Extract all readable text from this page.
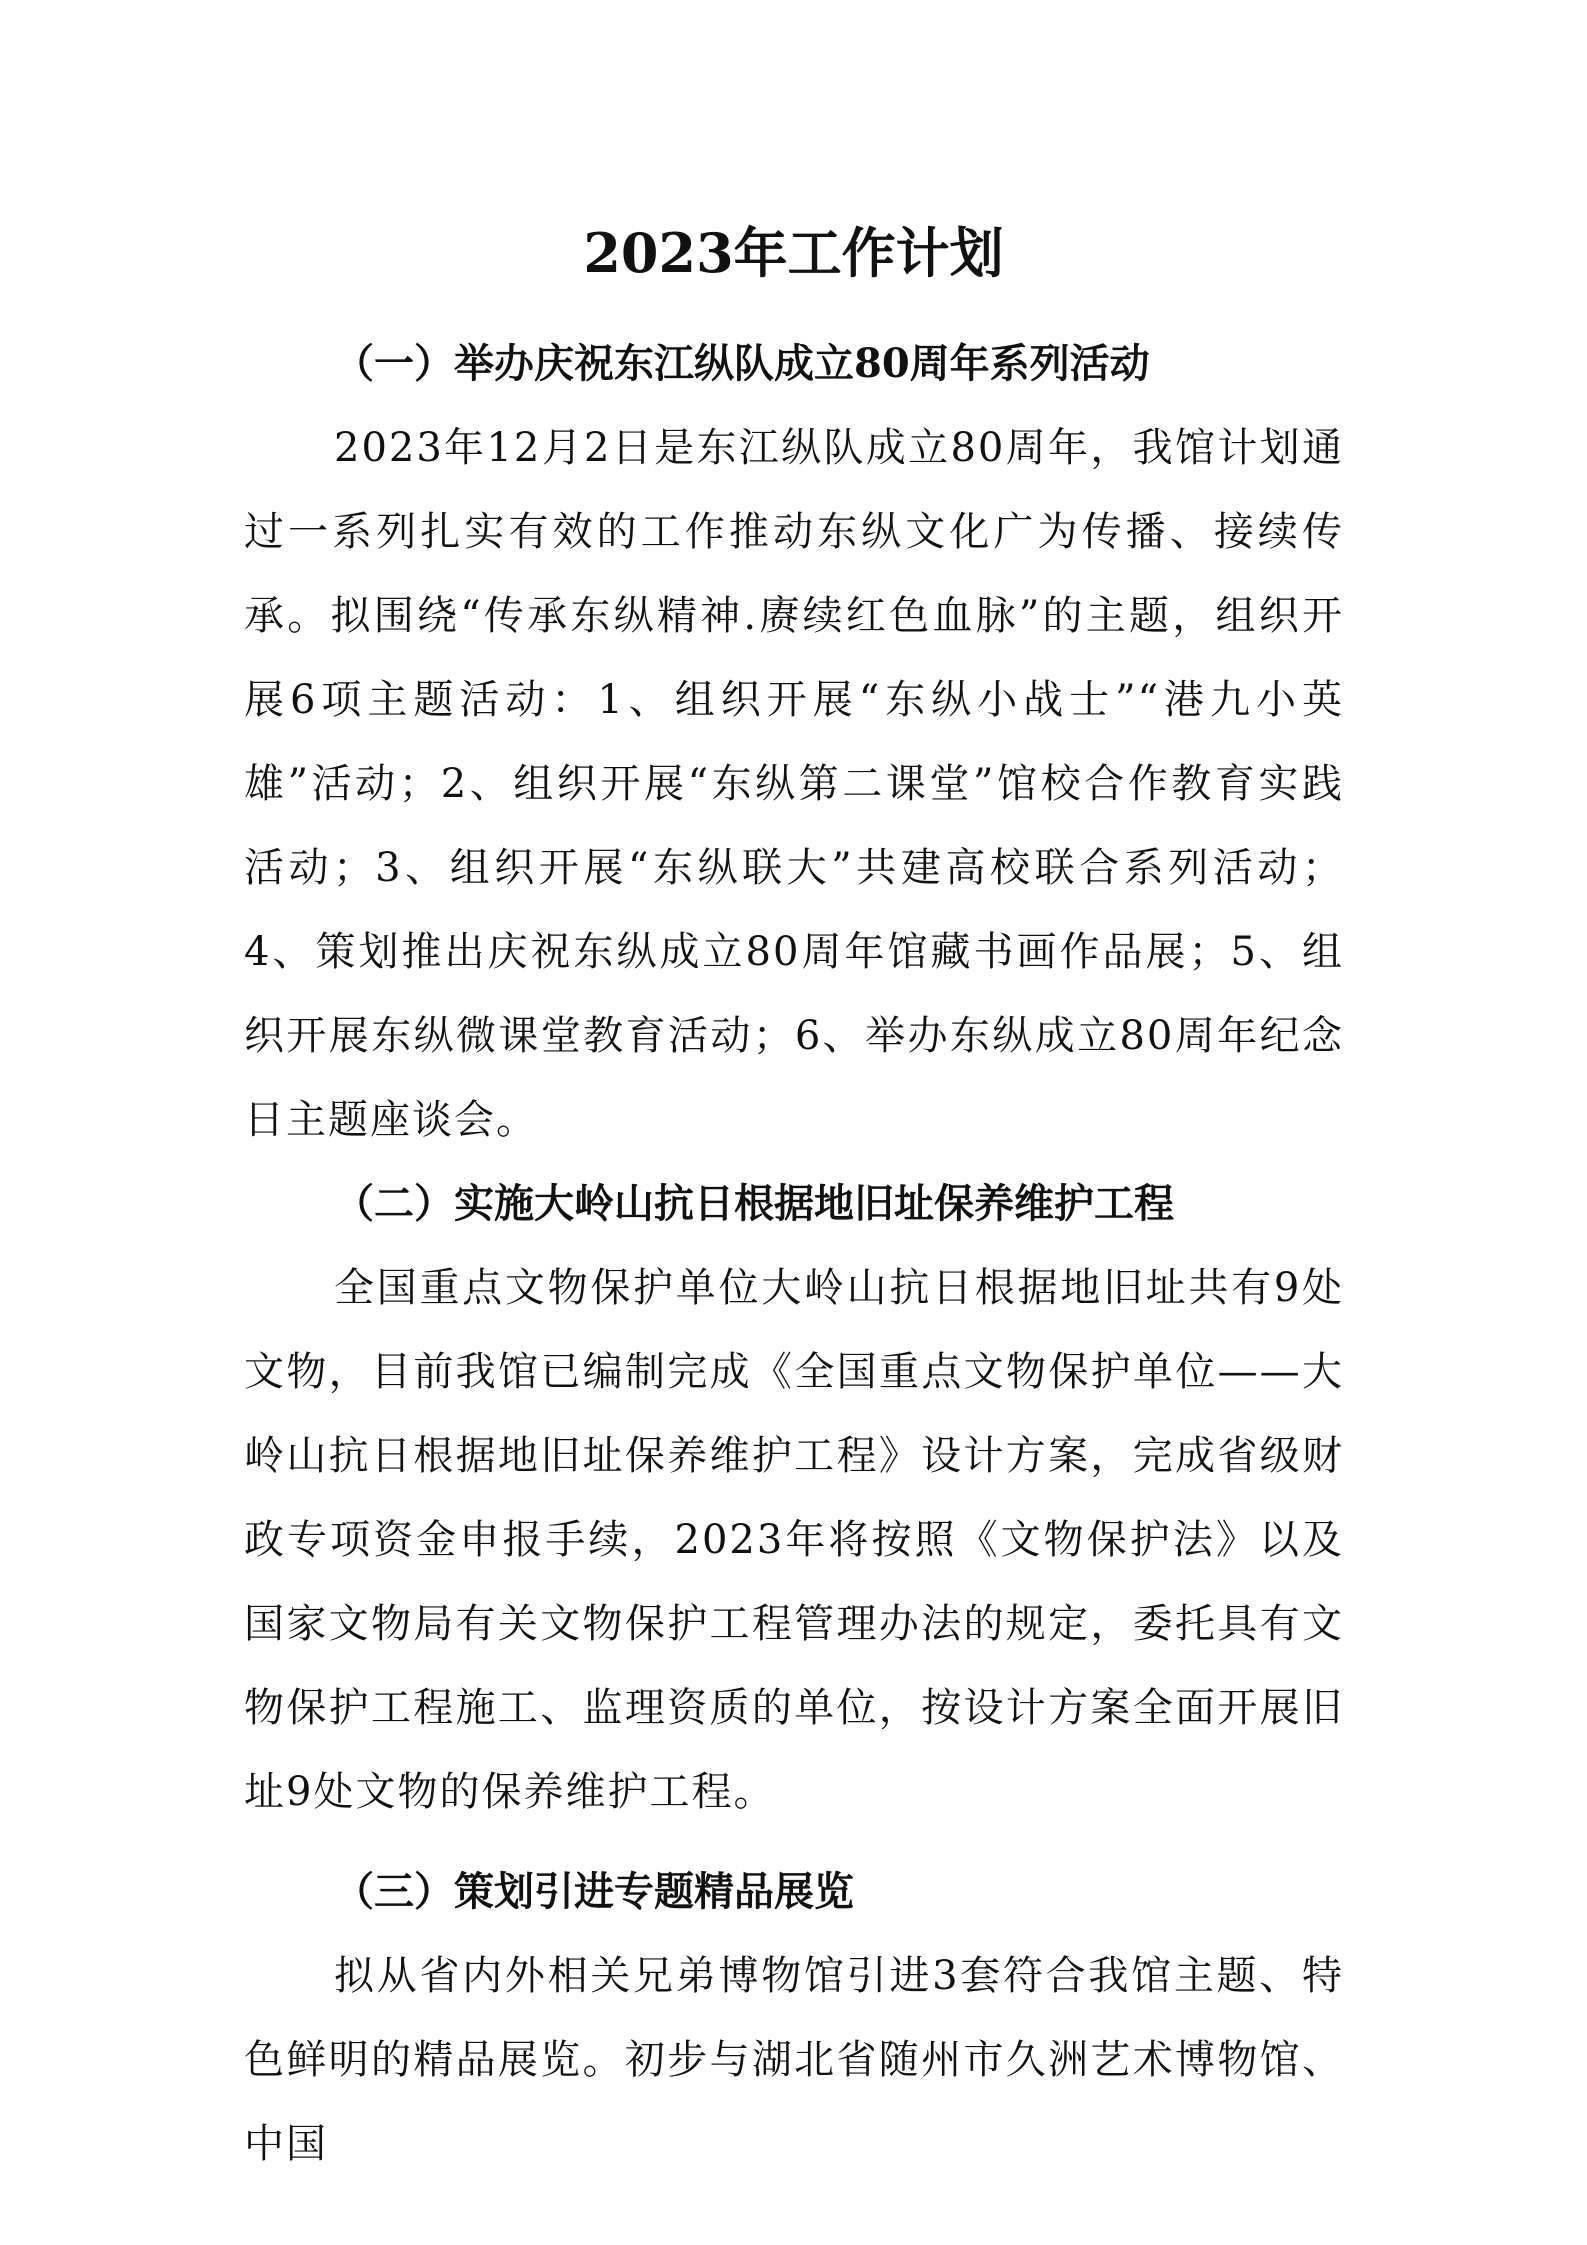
2023年工作计划
（一）举办庆祝东江纵队成立80周年系列活动

2023年12月2日是东江纵队成立80周年，我馆计划通过一系列扎实有效的工作推动东纵文化广为传播、接续传承。拟围绕“传承东纵精神.赓续红色血脉”的主题，组织开展6项主题活动：1、组织开展“东纵小战士”“港九小英雄”活动；2、组织开展“东纵第二课堂”馆校合作教育实践活动；3、组织开展“东纵联大”共建高校联合系列活动；4、策划推出庆祝东纵成立80周年馆藏书画作品展；5、组织开展东纵微课堂教育活动；6、举办东纵成立80周年纪念日主题座谈会。

（二）实施大岭山抗日根据地旧址保养维护工程

全国重点文物保护单位大岭山抗日根据地旧址共有9处文物，目前我馆已编制完成《全国重点文物保护单位——大岭山抗日根据地旧址保养维护工程》设计方案，完成省级财政专项资金申报手续，2023年将按照《文物保护法》以及国家文物局有关文物保护工程管理办法的规定，委托具有文物保护工程施工、监理资质的单位，按设计方案全面开展旧址9处文物的保养维护工程。

（三）策划引进专题精品展览

拟从省内外相关兄弟博物馆引进3套符合我馆主题、特色鲜明的精品展览。初步与湖北省随州市久洲艺术博物馆、中国
